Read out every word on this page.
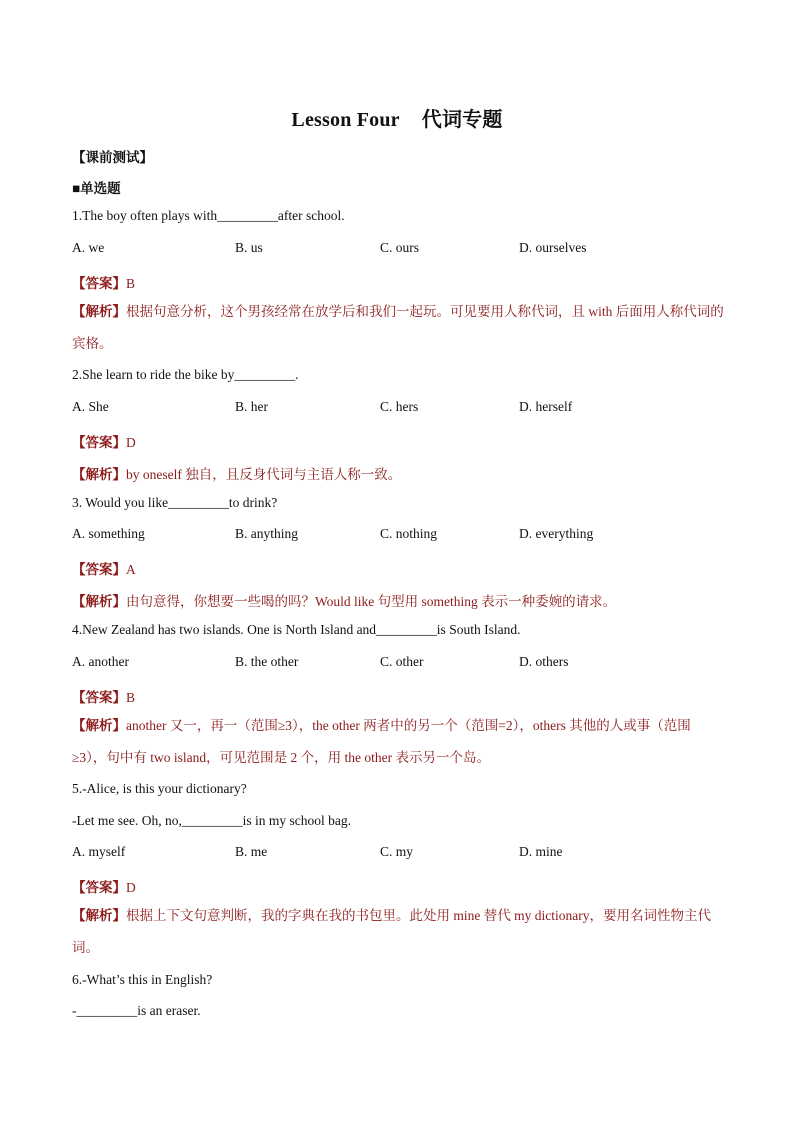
Lesson Four 代词专题
【课前测试】
■单选题
1.The boy often plays with_________after school.
A. we	B. us	C. ours	D. ourselves
【答案】B
【解析】根据句意分析，这个男孩经常在放学后和我们一起玩。可见要用人称代词，且 with 后面用人称代词的宾格。
2.She learn to ride the bike by_________.
A. She	B. her	C. hers	D. herself
【答案】D
【解析】by oneself 独自，且反身代词与主语人称一致。
3. Would you like_________to drink?
A. something	B. anything	C. nothing	D. everything
【答案】A
【解析】由句意得，你想要一些喝的吗？Would like 句型用 something 表示一种委婉的请求。
4.New Zealand has two islands. One is North Island and_________is South Island.
A. another	B. the other	C. other	D. others
【答案】B
【解析】another 又一，再一（范围≥3），the other 两者中的另一个（范围=2），others 其他的人或事（范围≥3），句中有 two island，可见范围是 2 个，用 the other 表示另一个岛。
5.-Alice, is this your dictionary?
-Let me see. Oh, no,_________is in my school bag.
A. myself	B. me	C. my	D. mine
【答案】D
【解析】根据上下文句意判断，我的字典在我的书包里。此处用 mine 替代 my dictionary，要用名词性物主代词。
6.-What’s this in English?
-_________is an eraser.
